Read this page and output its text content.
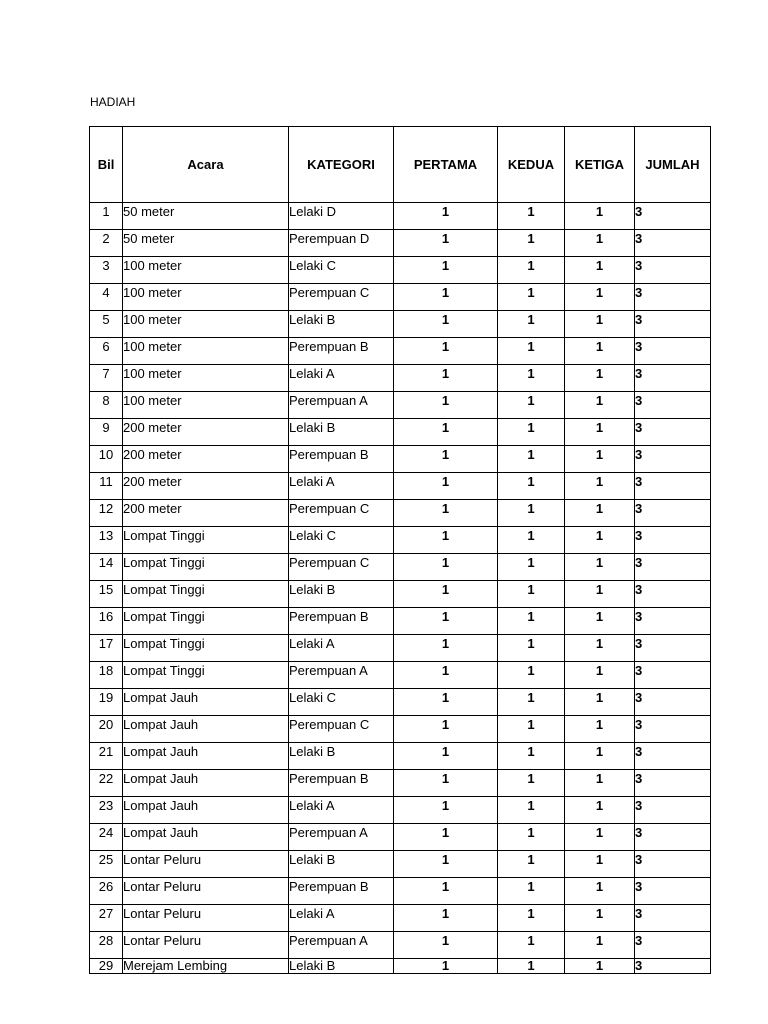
HADIAH
Bil	Acara	KATEGORI	PERTAMA	KEDUA	KETIGA	JUMLAH
1	50 meter	Lelaki D	1	1	1	3
2	50 meter	Perempuan D	1	1	1	3
3	100 meter	Lelaki C	1	1	1	3
4	100 meter	Perempuan C	1	1	1	3
5	100 meter	Lelaki B	1	1	1	3
6	100 meter	Perempuan B	1	1	1	3
7	100 meter	Lelaki A	1	1	1	3
8	100 meter	Perempuan A	1	1	1	3
9	200 meter	Lelaki B	1	1	1	3
10	200 meter	Perempuan B	1	1	1	3
11	200 meter	Lelaki A	1	1	1	3
12	200 meter	Perempuan C	1	1	1	3
13	Lompat Tinggi	Lelaki C	1	1	1	3
14	Lompat Tinggi	Perempuan C	1	1	1	3
15	Lompat Tinggi	Lelaki B	1	1	1	3
16	Lompat Tinggi	Perempuan B	1	1	1	3
17	Lompat Tinggi	Lelaki A	1	1	1	3
18	Lompat Tinggi	Perempuan A	1	1	1	3
19	Lompat Jauh	Lelaki C	1	1	1	3
20	Lompat Jauh	Perempuan C	1	1	1	3
21	Lompat Jauh	Lelaki B	1	1	1	3
22	Lompat Jauh	Perempuan B	1	1	1	3
23	Lompat Jauh	Lelaki A	1	1	1	3
24	Lompat Jauh	Perempuan A	1	1	1	3
25	Lontar Peluru	Lelaki B	1	1	1	3
26	Lontar Peluru	Perempuan B	1	1	1	3
27	Lontar Peluru	Lelaki A	1	1	1	3
28	Lontar Peluru	Perempuan A	1	1	1	3
29	Merejam Lembing	Lelaki B	1	1	1	3
